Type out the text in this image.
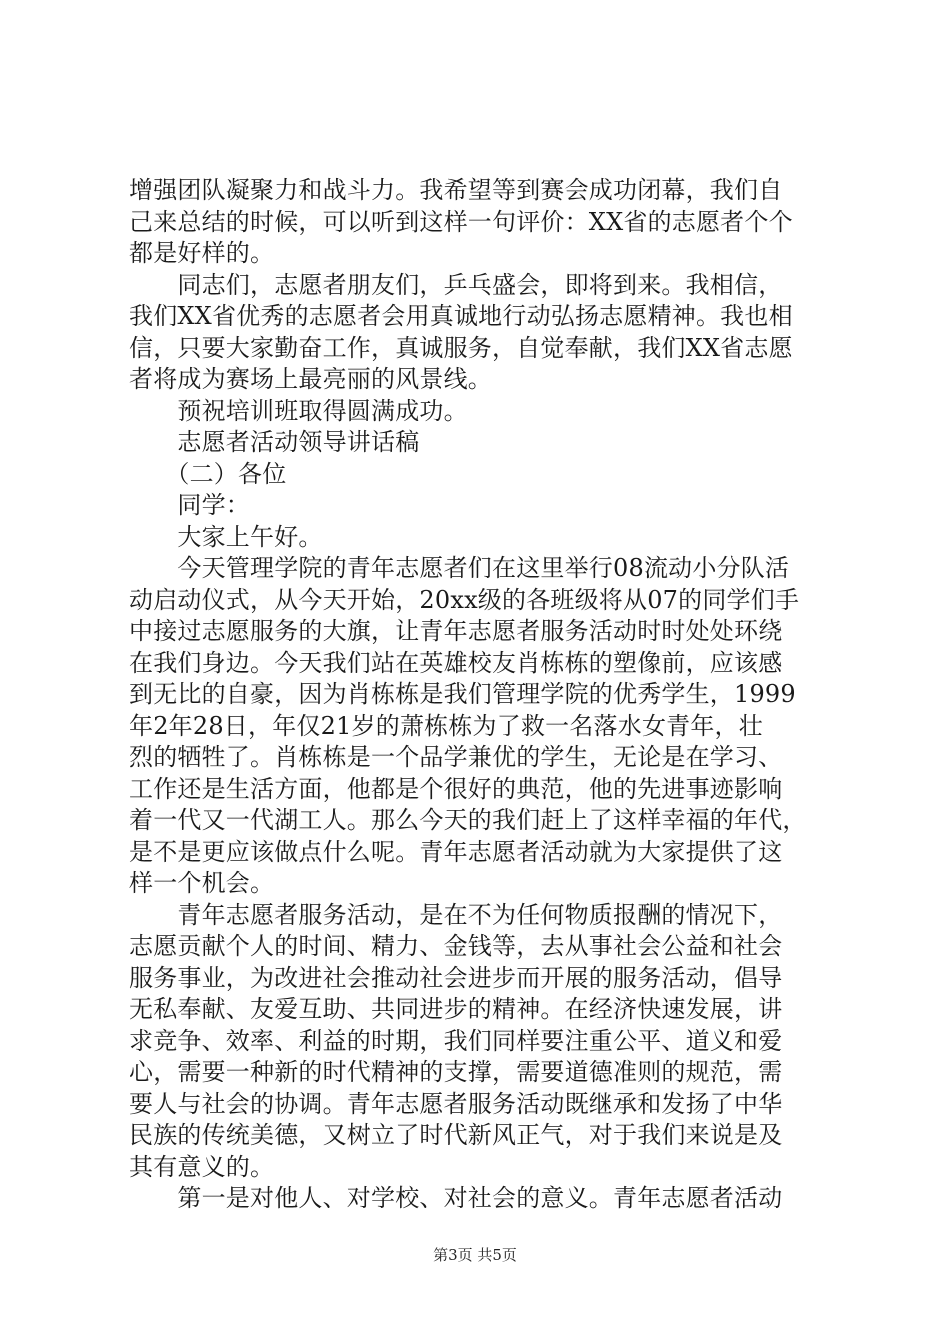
增强团队凝聚力和战斗力。我希望等到赛会成功闭幕，我们自
己来总结的时候，可以听到这样一句评价：XX省的志愿者个个
都是好样的。
　　同志们，志愿者朋友们，乒乓盛会，即将到来。我相信，
我们XX省优秀的志愿者会用真诚地行动弘扬志愿精神。我也相
信，只要大家勤奋工作，真诚服务，自觉奉献，我们XX省志愿
者将成为赛场上最亮丽的风景线。
　　预祝培训班取得圆满成功。
　　志愿者活动领导讲话稿
　　（二）各位
　　同学：
　　大家上午好。
　　今天管理学院的青年志愿者们在这里举行08流动小分队活
动启动仪式，从今天开始，20xx级的各班级将从07的同学们手
中接过志愿服务的大旗，让青年志愿者服务活动时时处处环绕
在我们身边。今天我们站在英雄校友肖栋栋的塑像前，应该感
到无比的自豪，因为肖栋栋是我们管理学院的优秀学生，1999
年2年28日，年仅21岁的萧栋栋为了救一名落水女青年，壮
烈的牺牲了。肖栋栋是一个品学兼优的学生，无论是在学习、
工作还是生活方面，他都是个很好的典范，他的先进事迹影响
着一代又一代湖工人。那么今天的我们赶上了这样幸福的年代，
是不是更应该做点什么呢。青年志愿者活动就为大家提供了这
样一个机会。
　　青年志愿者服务活动，是在不为任何物质报酬的情况下，
志愿贡献个人的时间、精力、金钱等，去从事社会公益和社会
服务事业，为改进社会推动社会进步而开展的服务活动，倡导
无私奉献、友爱互助、共同进步的精神。在经济快速发展，讲
求竞争、效率、利益的时期，我们同样要注重公平、道义和爱
心，需要一种新的时代精神的支撑，需要道德准则的规范，需
要人与社会的协调。青年志愿者服务活动既继承和发扬了中华
民族的传统美德，又树立了时代新风正气，对于我们来说是及
其有意义的。
　　第一是对他人、对学校、对社会的意义。青年志愿者活动
第3页 共5页
